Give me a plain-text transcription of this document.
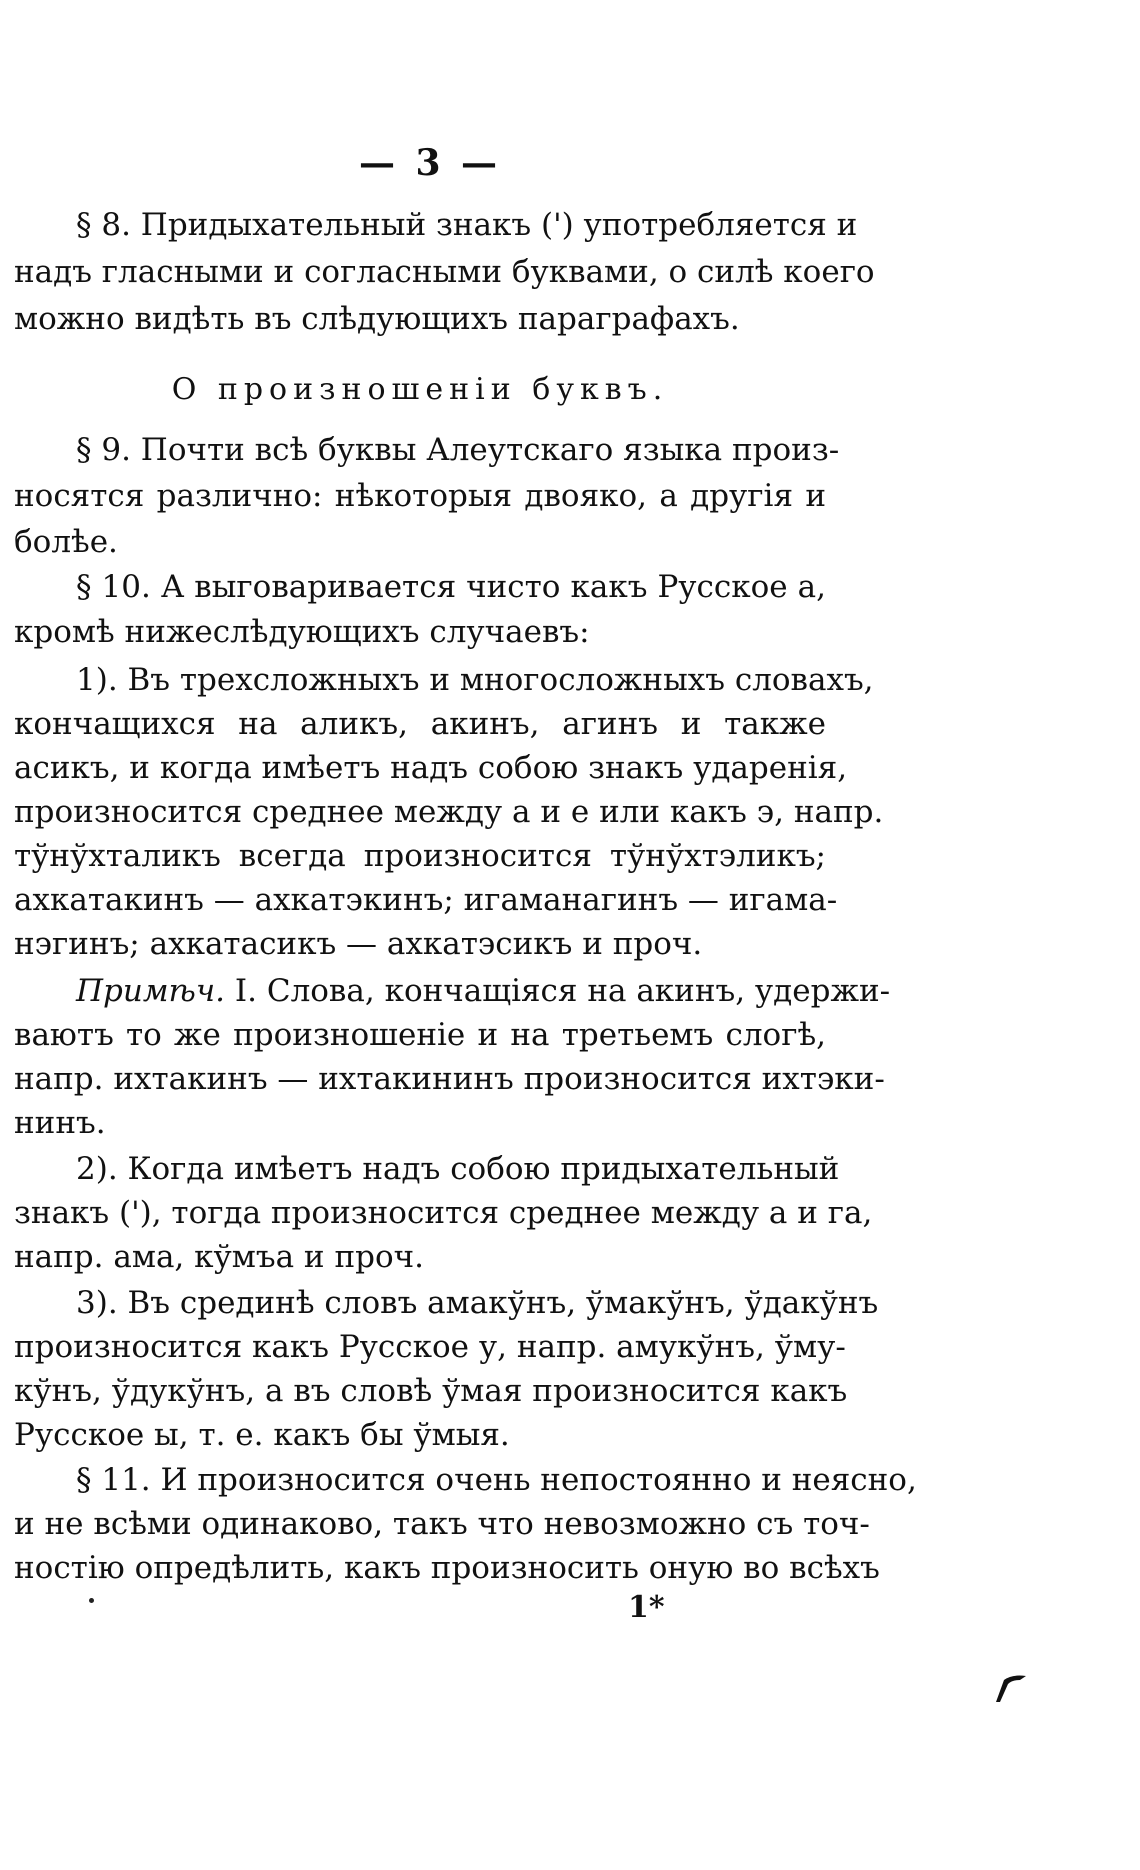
— 3 —
§ 8. Придыхательный знакъ (') употребляется и
надъ гласными и согласными буквами, о силѣ коего
можно видѣть въ слѣдующихъ параграфахъ.
О произношенiи буквъ.
§ 9. Почти всѣ буквы Алеутскаго языка произ-
носятся различно: нѣкоторыя двояко, а другiя и
болѣе.
§ 10. А выговаривается чисто какъ Русское а,
кромѣ нижеслѣдующихъ случаевъ:
1). Въ трехсложныхъ и многосложныхъ словахъ,
кончащихся на аликъ, акинъ, агинъ и также
асикъ, и когда имѣетъ надъ собою знакъ ударенiя,
произносится среднее между а и е или какъ э, напр.
тўнўхталикъ всегда произносится тўнўхтэликъ;
ахкатакинъ — ахкатэкинъ; игаманагинъ — игама-
нэгинъ; ахкатасикъ — ахкатэсикъ и проч.
Примѣч. I. Слова, кончащiяся на акинъ, удержи-
ваютъ то же произношенiе и на третьемъ слогѣ,
напр. ихтакинъ — ихтакининъ произносится ихтэки-
нинъ.
2). Когда имѣетъ надъ собою придыхательный
знакъ ('), тогда произносится среднее между а и га,
напр. ама, кўмъа и проч.
3). Въ срединѣ словъ амакўнъ, ўмакўнъ, ўдакўнъ
произносится какъ Русское у, напр. амукўнъ, ўму-
кўнъ, ўдукўнъ, а въ словѣ ўмая произносится какъ
Русское ы, т. е. какъ бы ўмыя.
§ 11. И произносится очень непостоянно и неясно,
и не всѣми одинаково, такъ что невозможно съ точ-
ностiю опредѣлить, какъ произносить оную во всѣхъ
1*
